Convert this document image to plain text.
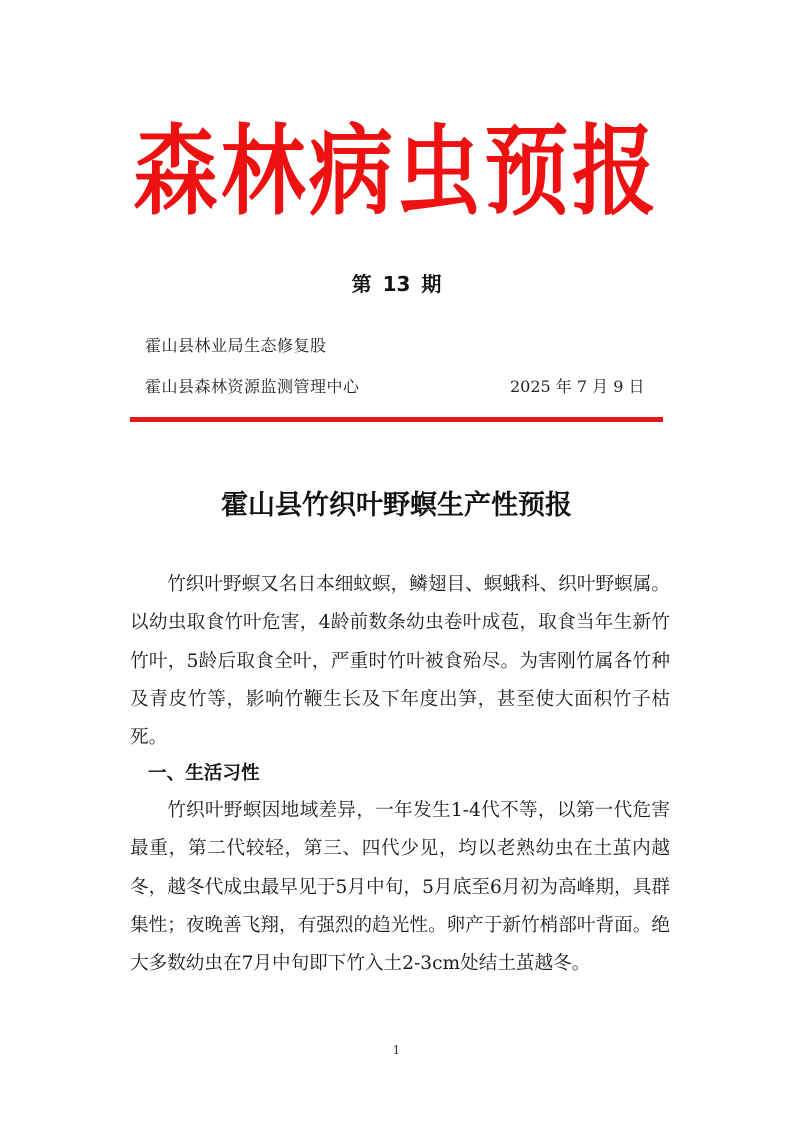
森林病虫预报
第 13 期
霍山县林业局生态修复股
霍山县森林资源监测管理中心	2025 年 7 月 9 日
霍山县竹织叶野螟生产性预报

竹织叶野螟又名日本细蚊螟，鳞翅目、螟蛾科、织叶野螟属。以幼虫取食竹叶危害，4龄前数条幼虫卷叶成苞，取食当年生新竹竹叶，5龄后取食全叶，严重时竹叶被食殆尽。为害刚竹属各竹种及青皮竹等，影响竹鞭生长及下年度出笋，甚至使大面积竹子枯死。

一、生活习性

竹织叶野螟因地域差异，一年发生1-4代不等，以第一代危害最重，第二代较轻，第三、四代少见，均以老熟幼虫在土茧内越冬，越冬代成虫最早见于5月中旬，5月底至6月初为高峰期，具群集性；夜晚善飞翔，有强烈的趋光性。卵产于新竹梢部叶背面。绝大多数幼虫在7月中旬即下竹入土2-3cm处结土茧越冬。

1
